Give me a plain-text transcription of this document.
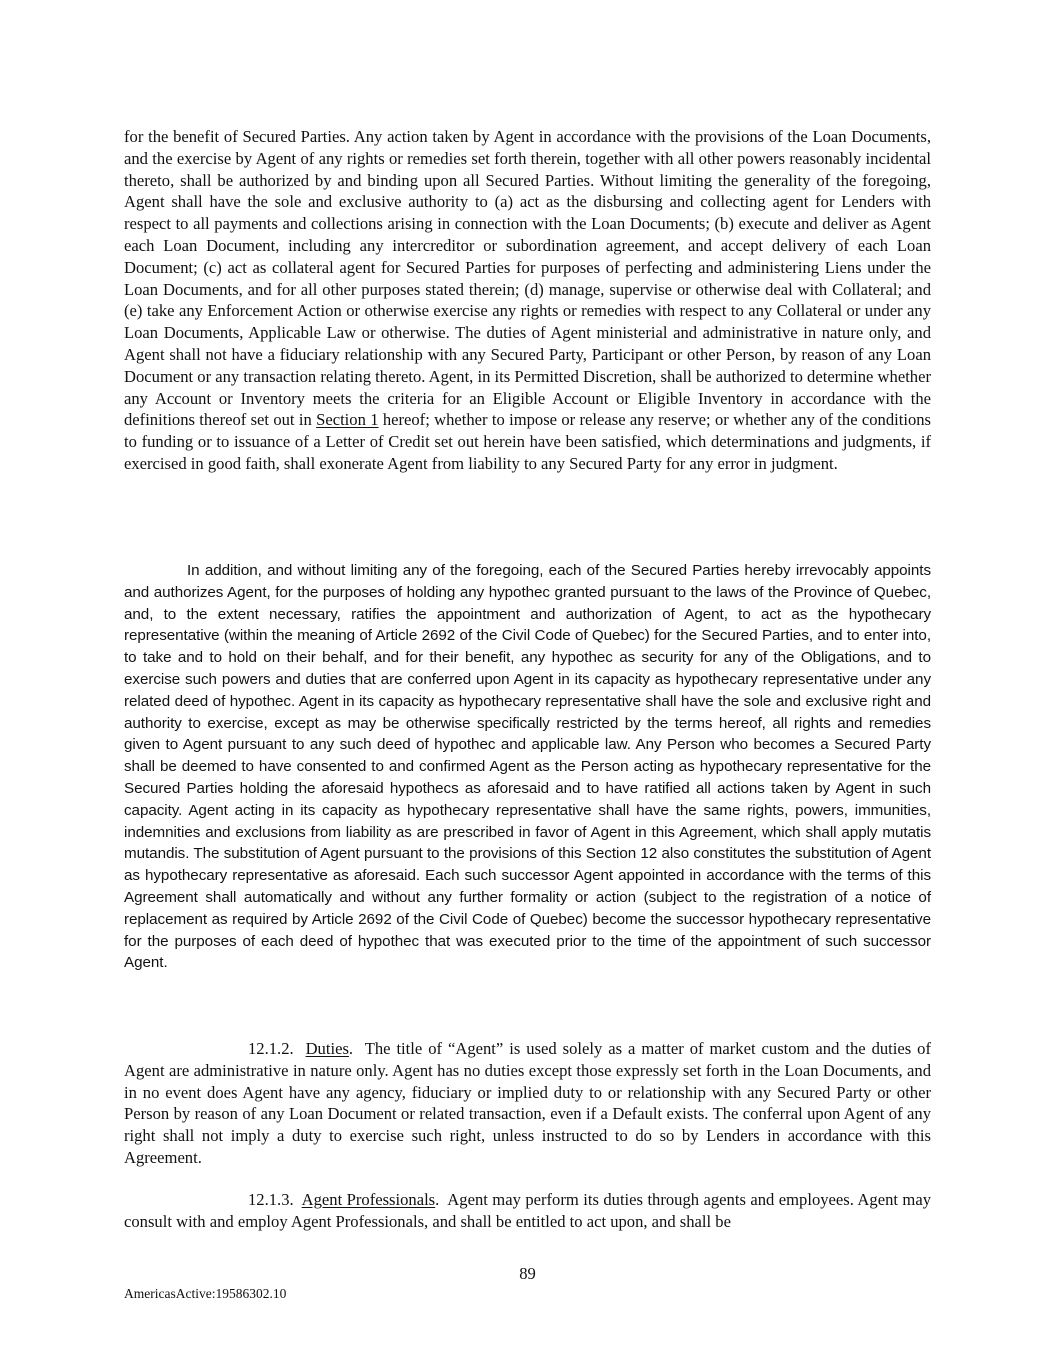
for the benefit of Secured Parties. Any action taken by Agent in accordance with the provisions of the Loan Documents, and the exercise by Agent of any rights or remedies set forth therein, together with all other powers reasonably incidental thereto, shall be authorized by and binding upon all Secured Parties. Without limiting the generality of the foregoing, Agent shall have the sole and exclusive authority to (a) act as the disbursing and collecting agent for Lenders with respect to all payments and collections arising in connection with the Loan Documents; (b) execute and deliver as Agent each Loan Document, including any intercreditor or subordination agreement, and accept delivery of each Loan Document; (c) act as collateral agent for Secured Parties for purposes of perfecting and administering Liens under the Loan Documents, and for all other purposes stated therein; (d) manage, supervise or otherwise deal with Collateral; and (e) take any Enforcement Action or otherwise exercise any rights or remedies with respect to any Collateral or under any Loan Documents, Applicable Law or otherwise. The duties of Agent ministerial and administrative in nature only, and Agent shall not have a fiduciary relationship with any Secured Party, Participant or other Person, by reason of any Loan Document or any transaction relating thereto. Agent, in its Permitted Discretion, shall be authorized to determine whether any Account or Inventory meets the criteria for an Eligible Account or Eligible Inventory in accordance with the definitions thereof set out in Section 1 hereof; whether to impose or release any reserve; or whether any of the conditions to funding or to issuance of a Letter of Credit set out herein have been satisfied, which determinations and judgments, if exercised in good faith, shall exonerate Agent from liability to any Secured Party for any error in judgment.

In addition, and without limiting any of the foregoing, each of the Secured Parties hereby irrevocably appoints and authorizes Agent, for the purposes of holding any hypothec granted pursuant to the laws of the Province of Quebec, and, to the extent necessary, ratifies the appointment and authorization of Agent, to act as the hypothecary representative (within the meaning of Article 2692 of the Civil Code of Quebec) for the Secured Parties, and to enter into, to take and to hold on their behalf, and for their benefit, any hypothec as security for any of the Obligations, and to exercise such powers and duties that are conferred upon Agent in its capacity as hypothecary representative under any related deed of hypothec. Agent in its capacity as hypothecary representative shall have the sole and exclusive right and authority to exercise, except as may be otherwise specifically restricted by the terms hereof, all rights and remedies given to Agent pursuant to any such deed of hypothec and applicable law. Any Person who becomes a Secured Party shall be deemed to have consented to and confirmed Agent as the Person acting as hypothecary representative for the Secured Parties holding the aforesaid hypothecs as aforesaid and to have ratified all actions taken by Agent in such capacity. Agent acting in its capacity as hypothecary representative shall have the same rights, powers, immunities, indemnities and exclusions from liability as are prescribed in favor of Agent in this Agreement, which shall apply mutatis mutandis. The substitution of Agent pursuant to the provisions of this Section 12 also constitutes the substitution of Agent as hypothecary representative as aforesaid. Each such successor Agent appointed in accordance with the terms of this Agreement shall automatically and without any further formality or action (subject to the registration of a notice of replacement as required by Article 2692 of the Civil Code of Quebec) become the successor hypothecary representative for the purposes of each deed of hypothec that was executed prior to the time of the appointment of such successor Agent.

12.1.2. Duties.  The title of “Agent” is used solely as a matter of market custom and the duties of Agent are administrative in nature only. Agent has no duties except those expressly set forth in the Loan Documents, and in no event does Agent have any agency, fiduciary or implied duty to or relationship with any Secured Party or other Person by reason of any Loan Document or related transaction, even if a Default exists. The conferral upon Agent of any right shall not imply a duty to exercise such right, unless instructed to do so by Lenders in accordance with this Agreement.

12.1.3. Agent Professionals.  Agent may perform its duties through agents and employees. Agent may consult with and employ Agent Professionals, and shall be entitled to act upon, and shall be

89

AmericasActive:19586302.10
